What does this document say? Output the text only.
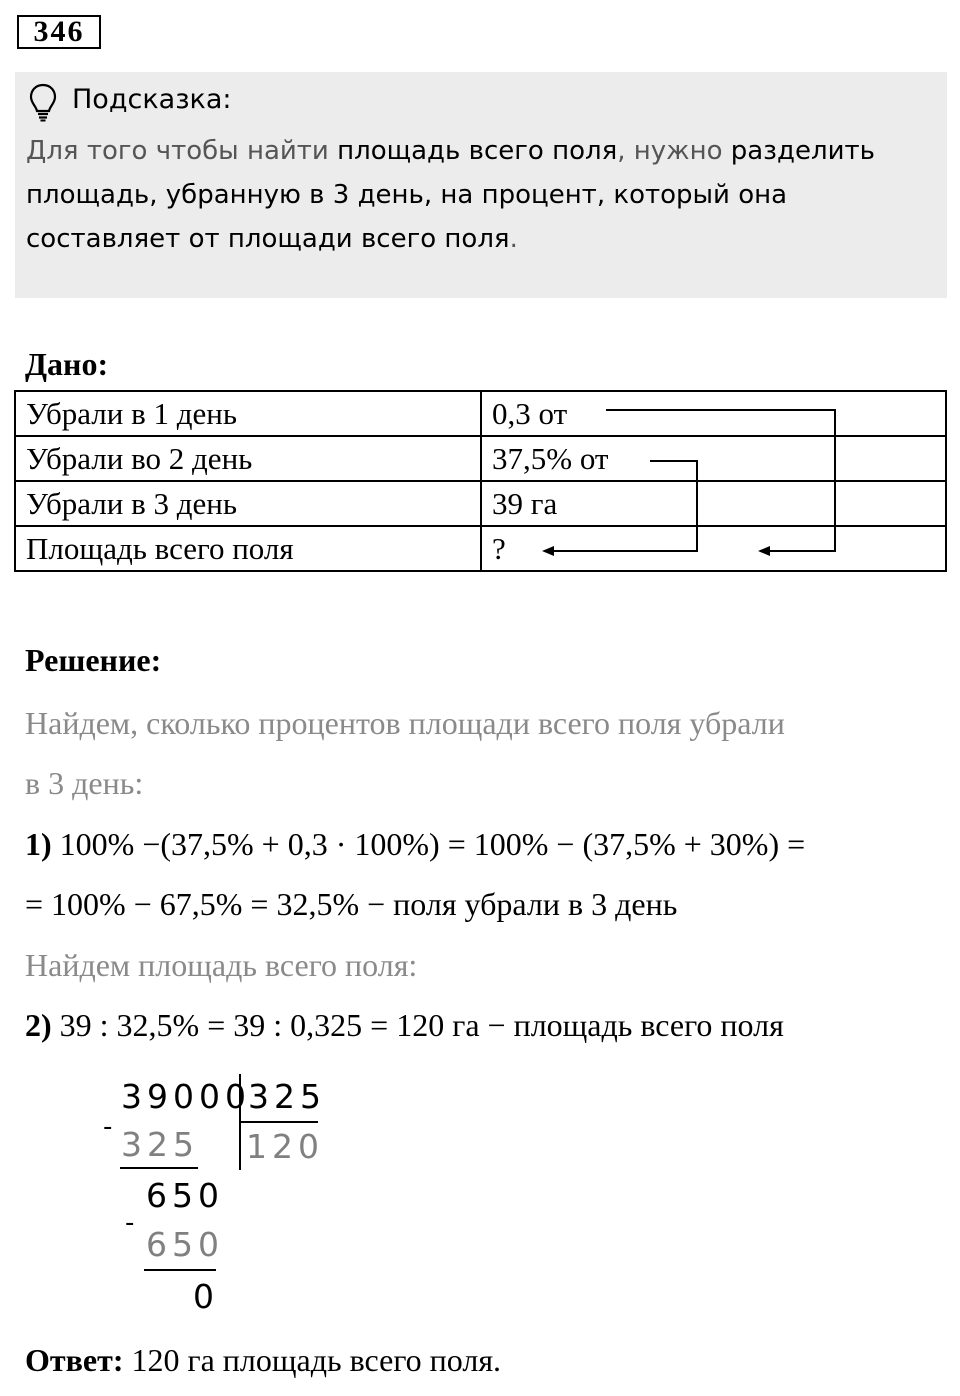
346
Подсказка:
Для того чтобы найти площадь всего поля, нужно разделить площадь, убранную в 3 день, на процент, который она составляет от площади всего поля.
Дано:
Убрали в 1 день	0,3 от
Убрали во 2 день	37,5% от
Убрали в 3 день	39 га
Площадь всего поля	?
Решение:
Найдем, сколько процентов площади всего поля убрали
в 3 день:
1) 100% −(37,5% + 0,3 · 100%) = 100% − (37,5% + 30%) =
= 100% − 67,5% = 32,5% − поля убрали в 3 день
Найдем площадь всего поля:
2) 39 : 32,5% = 39 : 0,325 = 120 га − площадь всего поля
39000
325
- 325 120
650
-
650
0
Ответ: 120 га площадь всего поля.
